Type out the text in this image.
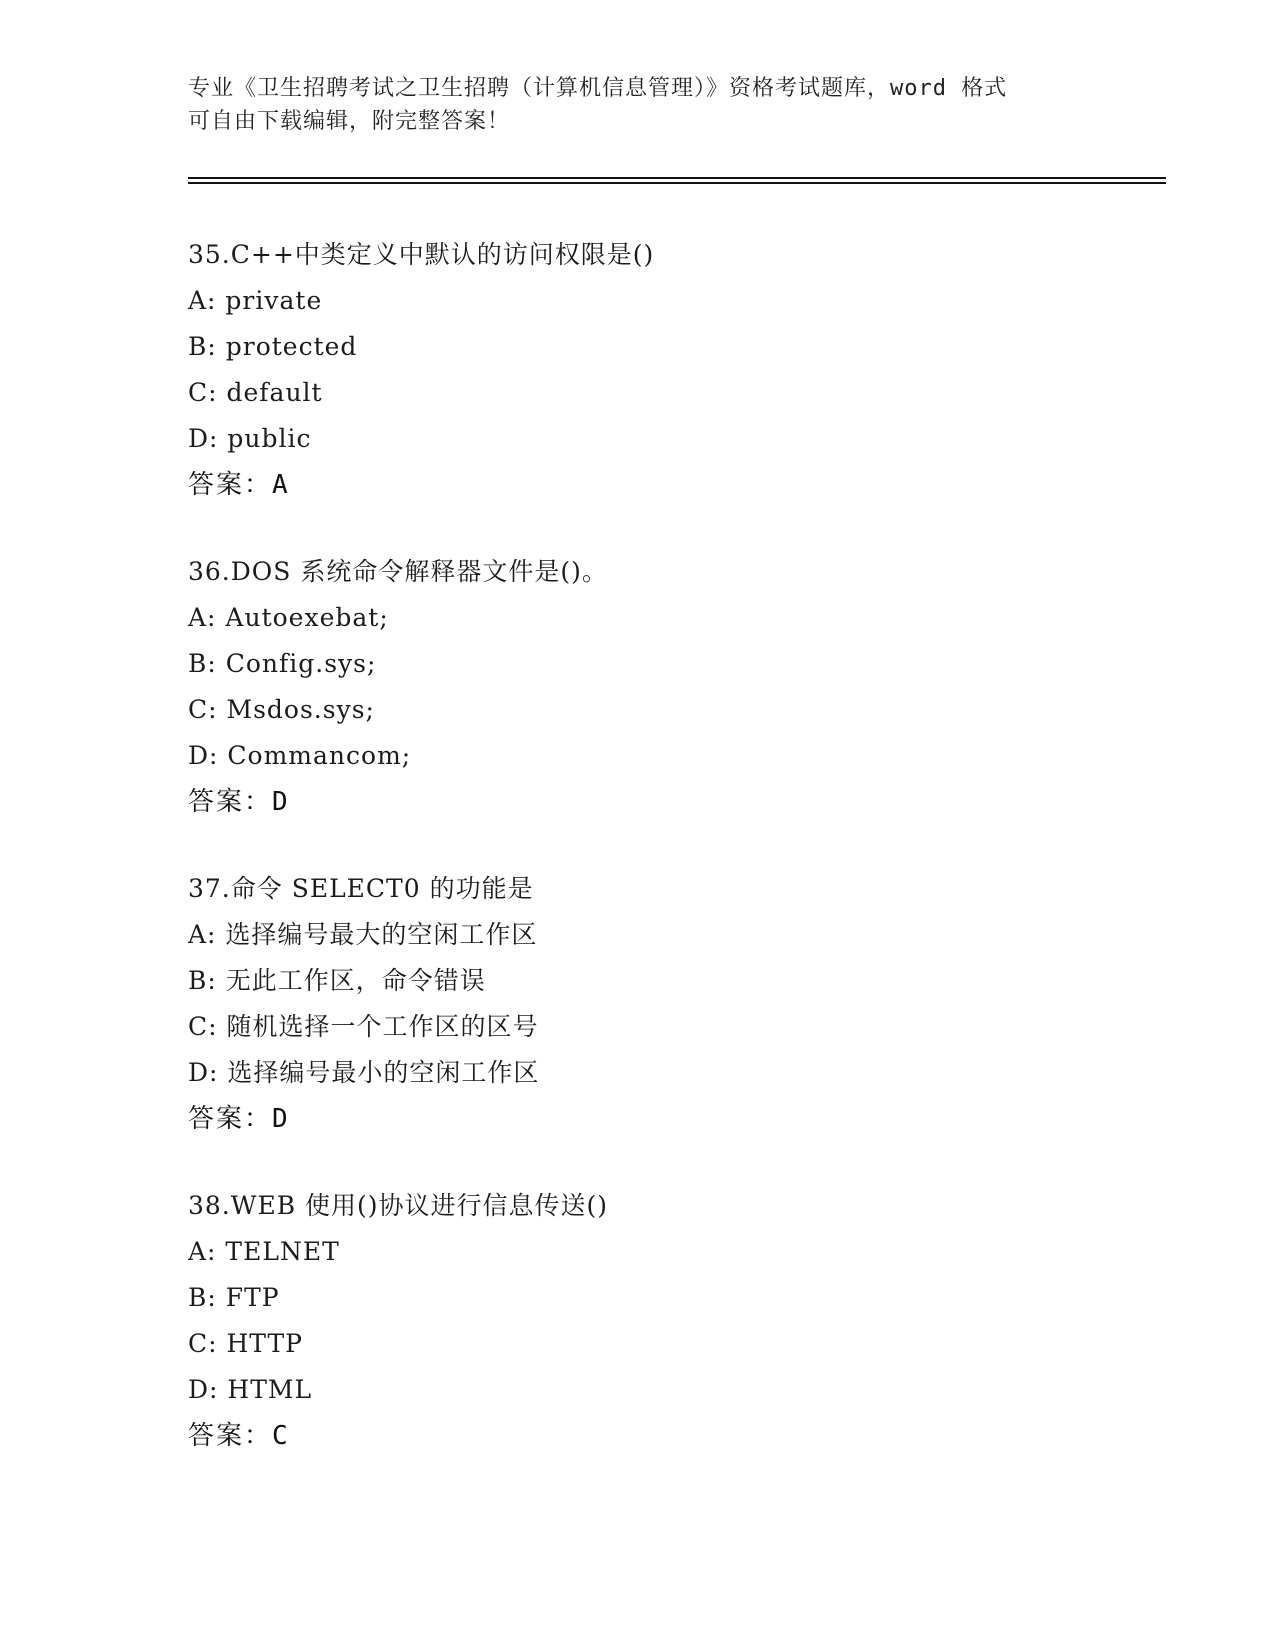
专业《卫生招聘考试之卫生招聘（计算机信息管理）》资格考试题库，word 格式
可自由下载编辑，附完整答案！
35.C++中类定义中默认的访问权限是()
A: private
B: protected
C: default
D: public
答案：A
36.DOS 系统命令解释器文件是()。
A: Autoexebat;
B: Config.sys;
C: Msdos.sys;
D: Commancom;
答案：D
37.命令 SELECT0 的功能是
A: 选择编号最大的空闲工作区
B: 无此工作区，命令错误
C: 随机选择一个工作区的区号
D: 选择编号最小的空闲工作区
答案：D
38.WEB 使用()协议进行信息传送()
A: TELNET
B: FTP
C: HTTP
D: HTML
答案：C
